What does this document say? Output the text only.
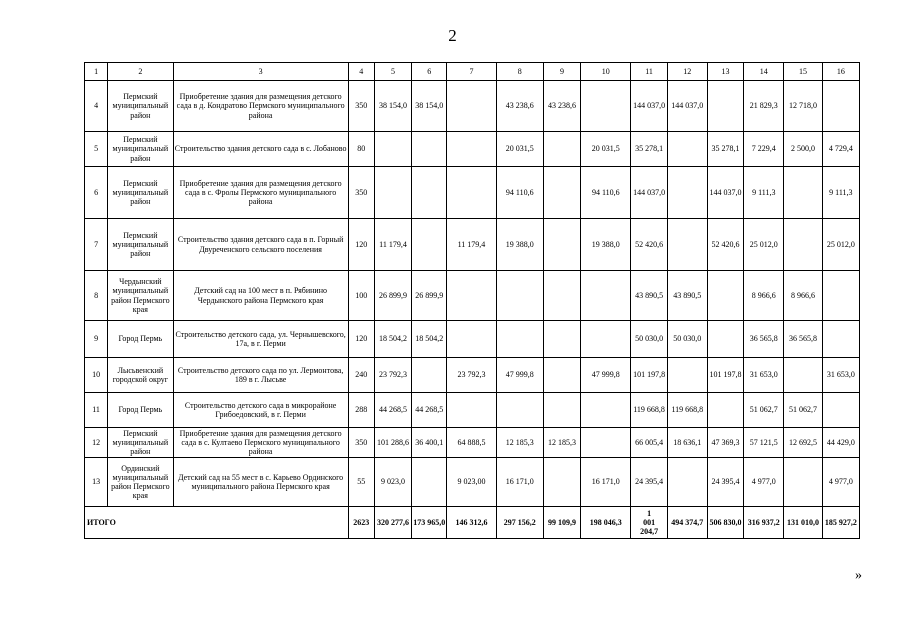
2
1	2	3	4	5	6	7	8	9	10	11	12	13	14	15	16
4	Пермский муниципальный район	Приобретение здания для размещения детского сада в д. Кондратово Пермского муниципального района	350	38 154,0	38 154,0		43 238,6	43 238,6		144 037,0	144 037,0		21 829,3	12 718,0	
5	Пермский муниципальный район	Строительство здания детского сада в с. Лобаново	80				20 031,5		20 031,5	35 278,1		35 278,1	7 229,4	2 500,0	4 729,4
6	Пермский муниципальный район	Приобретение здания для размещения детского сада в с. Фролы Пермского муниципального района	350				94 110,6		94 110,6	144 037,0		144 037,0	9 111,3		9 111,3
7	Пермский муниципальный район	Строительство здания детского сада в п. Горный Двуреченского сельского поселения	120	11 179,4		11 179,4	19 388,0		19 388,0	52 420,6		52 420,6	25 012,0		25 012,0
8	Чердынский муниципальный район Пермского края	Детский сад на 100 мест в п. Рябинино Чердынского района Пермского края	100	26 899,9	26 899,9					43 890,5	43 890,5		8 966,6	8 966,6	
9	Город Пермь	Строительство детского сада, ул. Чернышевского, 17а, в г. Перми	120	18 504,2	18 504,2					50 030,0	50 030,0		36 565,8	36 565,8	
10	Лысьвенский городской округ	Строительство детского сада по ул. Лермонтова, 189 в г. Лысьве	240	23 792,3		23 792,3	47 999,8		47 999,8	101 197,8		101 197,8	31 653,0		31 653,0
11	Город Пермь	Строительство детского сада в микрорайоне Грибоедовский, в г. Перми	288	44 268,5	44 268,5					119 668,8	119 668,8		51 062,7	51 062,7	
12	Пермский муниципальный район	Приобретение здания для размещения детского сада в с. Култаево Пермского муниципального района	350	101 288,6	36 400,1	64 888,5	12 185,3	12 185,3		66 005,4	18 636,1	47 369,3	57 121,5	12 692,5	44 429,0
13	Ординский муниципальный район Пермского края	Детский сад на 55 мест в с. Карьево Ординского муниципального района Пермского края	55	9 023,0		9 023,00	16 171,0		16 171,0	24 395,4		24 395,4	4 977,0		4 977,0
ИТОГО			2623	320 277,6	173 965,0	146 312,6	297 156,2	99 109,9	198 046,3	1 001 204,7	494 374,7	506 830,0	316 937,2	131 010,0	185 927,2
»
